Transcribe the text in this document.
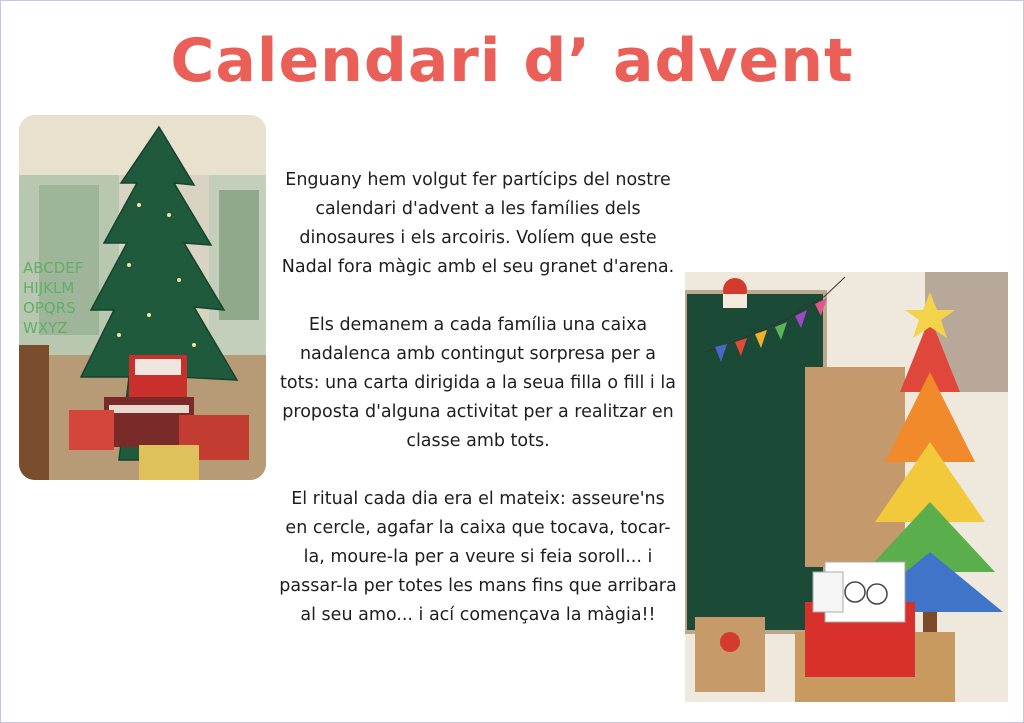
Calendari d’ advent
ABCDEF
HIJKLM
OPQRS
WXYZ

Enguany hem volgut fer partícips del nostre calendari d'advent a les famílies dels dinosaures i els arcoiris. Volíem que este Nadal fora màgic amb el seu granet d'arena.

Els demanem a cada família una caixa nadalenca amb contingut sorpresa per a tots: una carta dirigida a la seua filla o fill i la proposta d'alguna activitat per a realitzar en classe amb tots.

El ritual cada dia era el mateix: asseure'ns en cercle, agafar la caixa que tocava, tocar-la, moure-la per a veure si feia soroll... i passar-la per totes les mans fins que arribara al seu amo... i ací començava la màgia!!
